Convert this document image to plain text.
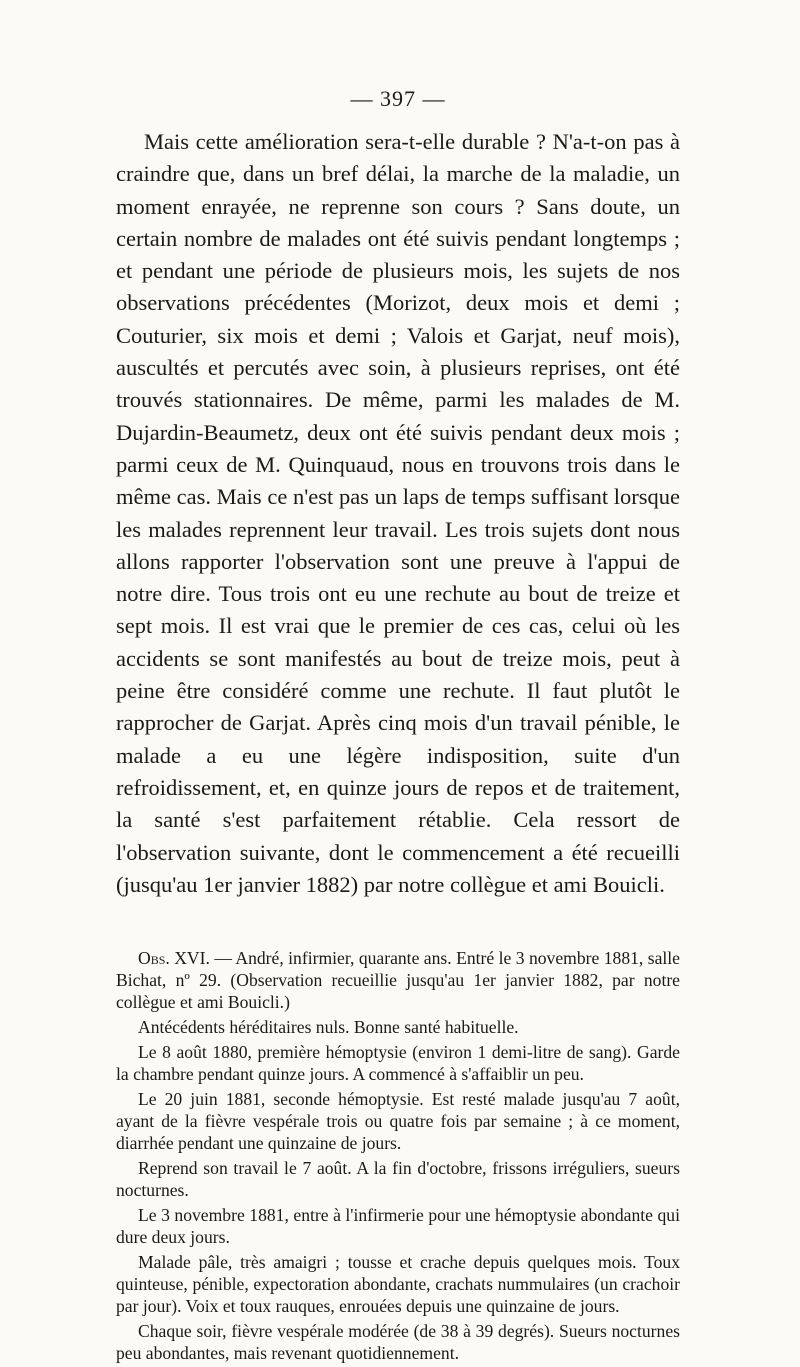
— 397 —

Mais cette amélioration sera-t-elle durable ? N'a-t-on pas à craindre que, dans un bref délai, la marche de la maladie, un moment enrayée, ne reprenne son cours ? Sans doute, un certain nombre de malades ont été suivis pendant longtemps ; et pendant une période de plusieurs mois, les sujets de nos observations précédentes (Morizot, deux mois et demi ; Couturier, six mois et demi ; Valois et Garjat, neuf mois), auscultés et percutés avec soin, à plusieurs reprises, ont été trouvés stationnaires. De même, parmi les malades de M. Dujardin-Beaumetz, deux ont été suivis pendant deux mois ; parmi ceux de M. Quinquaud, nous en trouvons trois dans le même cas. Mais ce n'est pas un laps de temps suffisant lorsque les malades reprennent leur travail. Les trois sujets dont nous allons rapporter l'observation sont une preuve à l'appui de notre dire. Tous trois ont eu une rechute au bout de treize et sept mois. Il est vrai que le premier de ces cas, celui où les accidents se sont manifestés au bout de treize mois, peut à peine être considéré comme une rechute. Il faut plutôt le rapprocher de Garjat. Après cinq mois d'un travail pénible, le malade a eu une légère indisposition, suite d'un refroidissement, et, en quinze jours de repos et de traitement, la santé s'est parfaitement rétablie. Cela ressort de l'observation suivante, dont le commencement a été recueilli (jusqu'au 1er janvier 1882) par notre collègue et ami Bouicli.

Obs. XVI. — André, infirmier, quarante ans. Entré le 3 novembre 1881, salle Bichat, nº 29. (Observation recueillie jusqu'au 1er janvier 1882, par notre collègue et ami Bouicli.)

Antécédents héréditaires nuls. Bonne santé habituelle.

Le 8 août 1880, première hémoptysie (environ 1 demi-litre de sang). Garde la chambre pendant quinze jours. A commencé à s'affaiblir un peu.

Le 20 juin 1881, seconde hémoptysie. Est resté malade jusqu'au 7 août, ayant de la fièvre vespérale trois ou quatre fois par semaine ; à ce moment, diarrhée pendant une quinzaine de jours.

Reprend son travail le 7 août. A la fin d'octobre, frissons irréguliers, sueurs nocturnes.

Le 3 novembre 1881, entre à l'infirmerie pour une hémoptysie abondante qui dure deux jours.

Malade pâle, très amaigri ; tousse et crache depuis quelques mois. Toux quinteuse, pénible, expectoration abondante, crachats nummulaires (un crachoir par jour). Voix et toux rauques, enrouées depuis une quinzaine de jours.

Chaque soir, fièvre vespérale modérée (de 38 à 39 degrés). Sueurs nocturnes peu abondantes, mais revenant quotidiennement.
